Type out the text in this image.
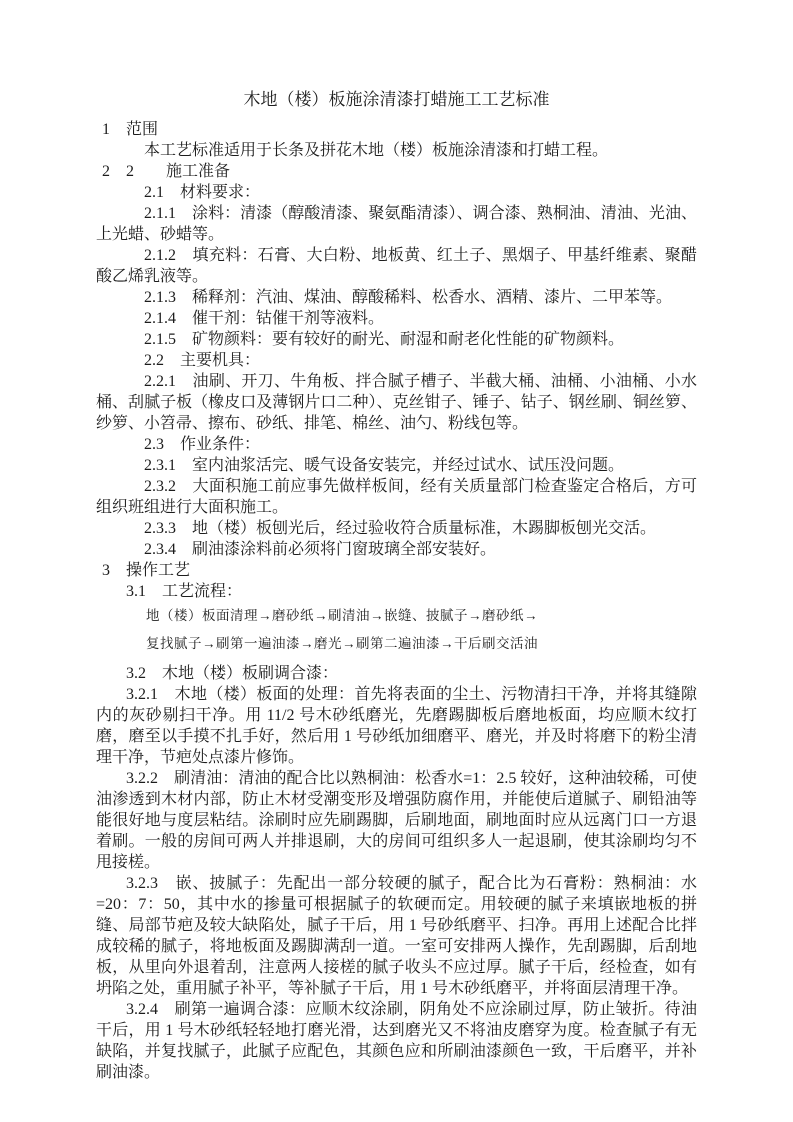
木地（楼）板施涂清漆打蜡施工工艺标准

1　范围

本工艺标准适用于长条及拼花木地（楼）板施涂清漆和打蜡工程。

2　2　　施工准备

2.1　材料要求：

2.1.1　涂料：清漆（醇酸清漆、聚氨酯清漆）、调合漆、熟桐油、清油、光油、上光蜡、砂蜡等。

2.1.2　填充料：石膏、大白粉、地板黄、红土子、黑烟子、甲基纤维素、聚醋酸乙烯乳液等。

2.1.3　稀释剂：汽油、煤油、醇酸稀料、松香水、酒精、漆片、二甲苯等。

2.1.4　催干剂：钴催干剂等液料。

2.1.5　矿物颜料：要有较好的耐光、耐湿和耐老化性能的矿物颜料。

2.2　主要机具：

2.2.1　油刷、开刀、牛角板、拌合腻子槽子、半截大桶、油桶、小油桶、小水桶、刮腻子板（橡皮口及薄钢片口二种）、克丝钳子、锤子、钻子、钢丝刷、铜丝箩、纱箩、小笤帚、擦布、砂纸、排笔、棉丝、油勺、粉线包等。

2.3　作业条件：

2.3.1　室内油浆活完、暖气设备安装完，并经过试水、试压没问题。

2.3.2　大面积施工前应事先做样板间，经有关质量部门检查鉴定合格后，方可组织班组进行大面积施工。

2.3.3　地（楼）板刨光后，经过验收符合质量标准，木踢脚板刨光交活。

2.3.4　刷油漆涂料前必须将门窗玻璃全部安装好。

3　操作工艺

3.1　工艺流程：

地（楼）板面清理→磨砂纸→刷清油→嵌缝、披腻子→磨砂纸→

复找腻子→刷第一遍油漆→磨光→刷第二遍油漆→干后刷交活油

3.2　木地（楼）板刷调合漆：

3.2.1　木地（楼）板面的处理：首先将表面的尘土、污物清扫干净，并将其缝隙内的灰砂剔扫干净。用 11/2 号木砂纸磨光，先磨踢脚板后磨地板面，均应顺木纹打磨，磨至以手摸不扎手好，然后用 1 号砂纸加细磨平、磨光，并及时将磨下的粉尘清理干净，节疤处点漆片修饰。

3.2.2　刷清油：清油的配合比以熟桐油：松香水=1：2.5 较好，这种油较稀，可使油渗透到木材内部，防止木材受潮变形及增强防腐作用，并能使后道腻子、刷铅油等能很好地与度层粘结。涂刷时应先刷踢脚，后刷地面，刷地面时应从远离门口一方退着刷。一般的房间可两人并排退刷，大的房间可组织多人一起退刷，使其涂刷均匀不甩接槎。

3.2.3　嵌、披腻子：先配出一部分较硬的腻子，配合比为石膏粉：熟桐油：水=20：7：50，其中水的掺量可根据腻子的软硬而定。用较硬的腻子来填嵌地板的拼缝、局部节疤及较大缺陷处，腻子干后，用 1 号砂纸磨平、扫净。再用上述配合比拌成较稀的腻子，将地板面及踢脚满刮一道。一室可安排两人操作，先刮踢脚，后刮地板，从里向外退着刮，注意两人接槎的腻子收头不应过厚。腻子干后，经检查，如有坍陷之处，重用腻子补平，等补腻子干后，用 1 号木砂纸磨平，并将面层清理干净。

3.2.4　刷第一遍调合漆：应顺木纹涂刷，阴角处不应涂刷过厚，防止皱折。待油干后，用 1 号木砂纸轻轻地打磨光滑，达到磨光又不将油皮磨穿为度。检查腻子有无缺陷，并复找腻子，此腻子应配色，其颜色应和所刷油漆颜色一致，干后磨平，并补刷油漆。
